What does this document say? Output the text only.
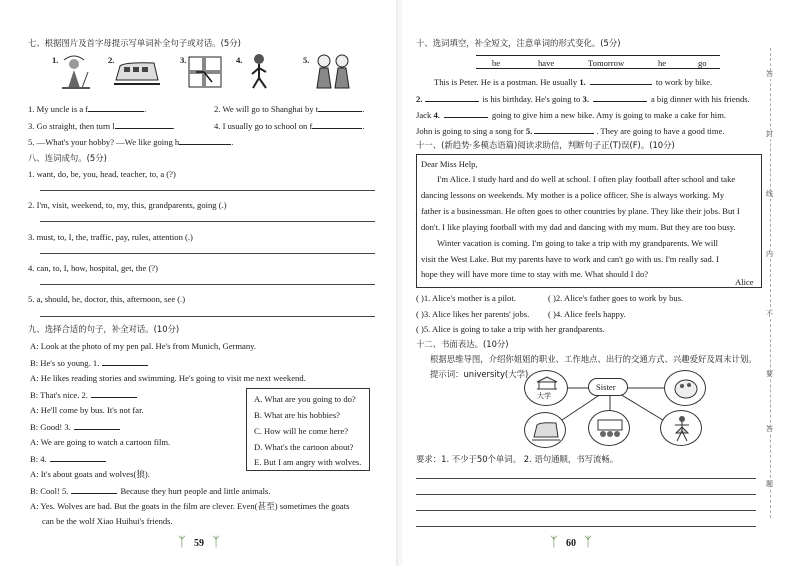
七、根据图片及首字母提示写单词补全句子或对话。(5分)
1.	2.	3.	4.	5.
1. My uncle is a f	.	2. We will go to Shanghai by t	.
3. Go straight, then turn l	.	4. I usually go to school on f	.
5. —What's your hobby? —We like going h	.
八、连词成句。(5分)
1. want, do, be, you, head, teacher, to, a (?)
2. I'm, visit, weekend, to, my, this, grandparents, going (.)
3. must, to, I, the, traffic, pay, rules, attention (.)
4. can, to, I, how, hospital, get, the (?)
5. a, should, he, doctor, this, afternoon, see (.)
九、选择合适的句子，补全对话。(10分)
A: Look at the photo of my pen pal. He's from Munich, Germany.
B: He's so young. 1.
A: He likes reading stories and swimming. He's going to visit me next weekend.
B: That's nice. 2.
A: He'll come by bus. It's not far.
B: Good! 3.
A: We are going to watch a cartoon film.
B: 4.
A: It's about goats and wolves(狼).
B: Cool! 5.	Because they hurt people and little animals.
A: Yes. Wolves are bad. But the goats in the film are clever. Even(甚至) sometimes the goats
can be the wolf Xiao Huihui's friends.
A. What are you going to do?
B. What are his hobbies?
C. How will he come here?
D. What's the cartoon about?
E. But I am angry with wolves.
ᛉ 59 ᛉ
十、选词填空，补全短文，注意单词的形式变化。(5分)
be	have	Tomorrow	he	go
This is Peter. He is a postman. He usually 1.	to work by bike.
2.	is his birthday. He's going to 3.	a big dinner with his friends.
Jack 4.	going to give him a new bike. Amy is going to make a cake for him.
John is going to sing a song for 5.	. They are going to have a good time.
十一、(新趋势·多模态语篇)阅读求助信，判断句子正(T)误(F)。(10分)
Dear Miss Help,
I'm Alice. I study hard and do well at school. I often play football after school and take
dancing lessons on weekends. My mother is a police officer. She is always working. My
father is a businessman. He often goes to other countries by plane. They like their jobs. But I
don't. I like playing football with my dad and dancing with my mum. But they are too busy.
Winter vacation is coming. I'm going to take a trip with my grandparents. We will
visit the West Lake. But my parents have to work and can't go with us. I'm really sad. I
hope they will have more time to stay with me. What should I do?
Alice
( )1. Alice's mother is a pilot.	( )2. Alice's father goes to work by bus.
( )3. Alice likes her parents' jobs. ( )4. Alice feels happy.
( )5. Alice is going to take a trip with her grandparents.
十二、书面表达。(10分)
根据思维导图，介绍你姐姐的职业、工作地点、出行的交通方式、兴趣爱好及周末计划。
提示词：university(大学)
Sister
大学
要求：1. 不少于50个单词。 2. 语句通顺，书写流畅。
ᛉ 60 ᛉ
答
封
线
内
不
要
答
题
